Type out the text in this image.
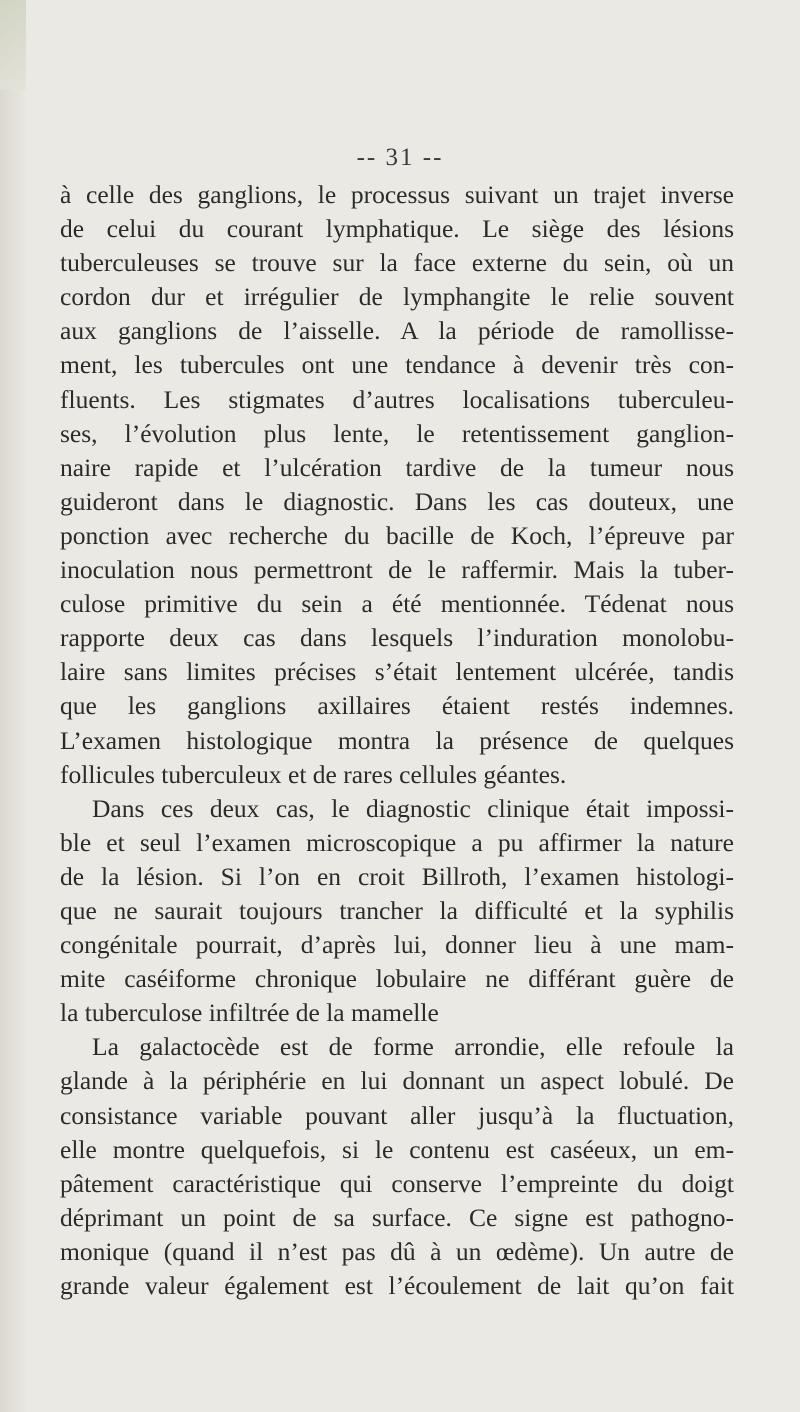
-- 31 --
à celle des ganglions, le processus suivant un trajet inverse
de celui du courant lymphatique. Le siège des lésions
tuberculeuses se trouve sur la face externe du sein, où un
cordon dur et irrégulier de lymphangite le relie souvent
aux ganglions de l’aisselle. A la période de ramollisse-
ment, les tubercules ont une tendance à devenir très con-
fluents. Les stigmates d’autres localisations tuberculeu-
ses, l’évolution plus lente, le retentissement ganglion-
naire rapide et l’ulcération tardive de la tumeur nous
guideront dans le diagnostic. Dans les cas douteux, une
ponction avec recherche du bacille de Koch, l’épreuve par
inoculation nous permettront de le raffermir. Mais la tuber-
culose primitive du sein a été mentionnée. Tédenat nous
rapporte deux cas dans lesquels l’induration monolobu-
laire sans limites précises s’était lentement ulcérée, tandis
que les ganglions axillaires étaient restés indemnes.
L’examen histologique montra la présence de quelques
follicules tuberculeux et de rares cellules géantes.
Dans ces deux cas, le diagnostic clinique était impossi-
ble et seul l’examen microscopique a pu affirmer la nature
de la lésion. Si l’on en croit Billroth, l’examen histologi-
que ne saurait toujours trancher la difficulté et la syphilis
congénitale pourrait, d’après lui, donner lieu à une mam-
mite caséiforme chronique lobulaire ne différant guère de
la tuberculose infiltrée de la mamelle
La galactocède est de forme arrondie, elle refoule la
glande à la périphérie en lui donnant un aspect lobulé. De
consistance variable pouvant aller jusqu’à la fluctuation,
elle montre quelquefois, si le contenu est caséeux, un em-
pâtement caractéristique qui conserve l’empreinte du doigt
déprimant un point de sa surface. Ce signe est pathogno-
monique (quand il n’est pas dû à un œdème). Un autre de
grande valeur également est l’écoulement de lait qu’on fait
